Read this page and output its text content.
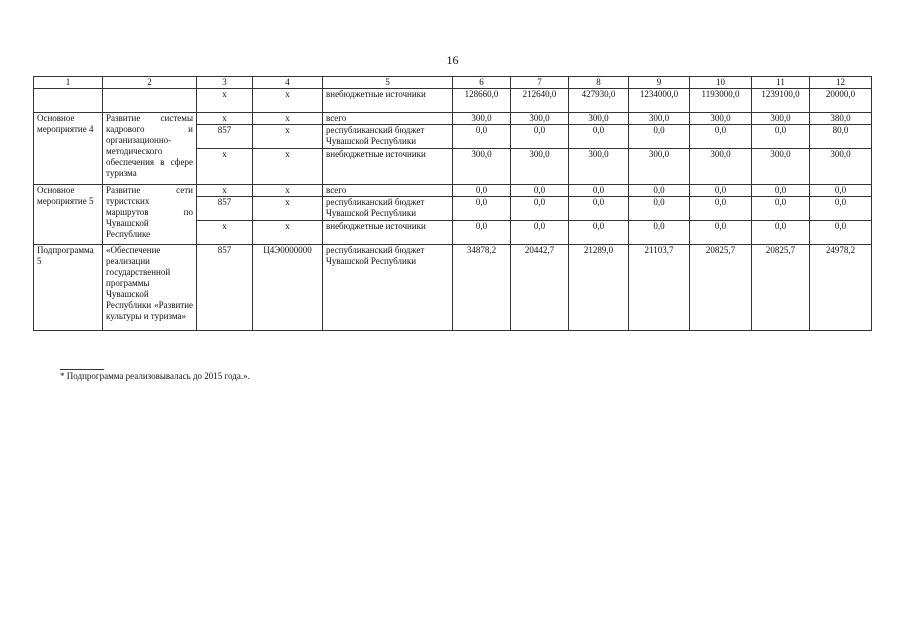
16
1	2	3	4	5	6	7	8	9	10	11	12
		х	х	внебюджетные источники	128660,0	212640,0	427930,0	1234000,0	1193000,0	1239100,0	20000,0
Основное мероприятие 4	Развитие системы кадрового и организационно-методического обеспечения в сфере туризма	х	х	всего	300,0	300,0	300,0	300,0	300,0	300,0	380,0
		857	х	республиканский бюджет Чувашской Республики	0,0	0,0	0,0	0,0	0,0	0,0	80,0
		х	х	внебюджетные источники	300,0	300,0	300,0	300,0	300,0	300,0	300,0
Основное мероприятие 5	Развитие сети туристских маршрутов по Чувашской Республике	х	х	всего	0,0	0,0	0,0	0,0	0,0	0,0	0,0
		857	х	республиканский бюджет Чувашской Республики	0,0	0,0	0,0	0,0	0,0	0,0	0,0
		х	х	внебюджетные источники	0,0	0,0	0,0	0,0	0,0	0,0	0,0
Подпрограмма 5	«Обеспечение реализации государственной программы Чувашской Республики «Развитие культуры и туризма»	857	Ц4Э0000000	республиканский бюджет Чувашской Республики	34878,2	20442,7	21289,0	21103,7	20825,7	20825,7	24978,2
* Подпрограмма реализовывалась до 2015 года.».
